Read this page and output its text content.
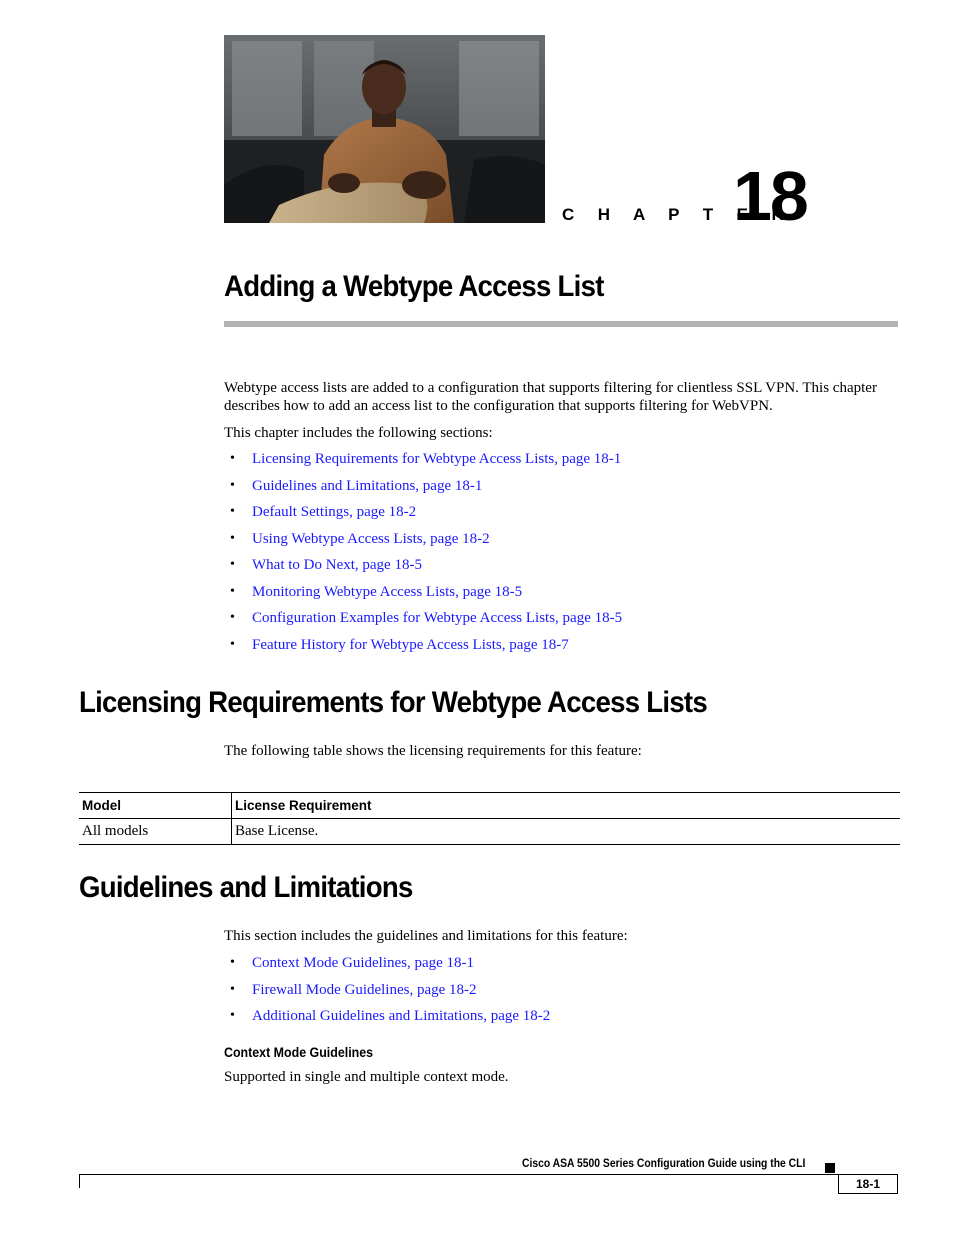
C H A P T E R
18
Adding a Webtype Access List

Webtype access lists are added to a configuration that supports filtering for clientless SSL VPN. This chapter describes how to add an access list to the configuration that supports filtering for WebVPN.

This chapter includes the following sections:

• Licensing Requirements for Webtype Access Lists, page 18-1
• Guidelines and Limitations, page 18-1
• Default Settings, page 18-2
• Using Webtype Access Lists, page 18-2
• What to Do Next, page 18-5
• Monitoring Webtype Access Lists, page 18-5
• Configuration Examples for Webtype Access Lists, page 18-5
• Feature History for Webtype Access Lists, page 18-7
Licensing Requirements for Webtype Access Lists

The following table shows the licensing requirements for this feature:

Model	License Requirement
All models	Base License.
Guidelines and Limitations

This section includes the guidelines and limitations for this feature:

• Context Mode Guidelines, page 18-1
• Firewall Mode Guidelines, page 18-2
• Additional Guidelines and Limitations, page 18-2
Context Mode Guidelines

Supported in single and multiple context mode.

Cisco ASA 5500 Series Configuration Guide using the CLI
18-1
